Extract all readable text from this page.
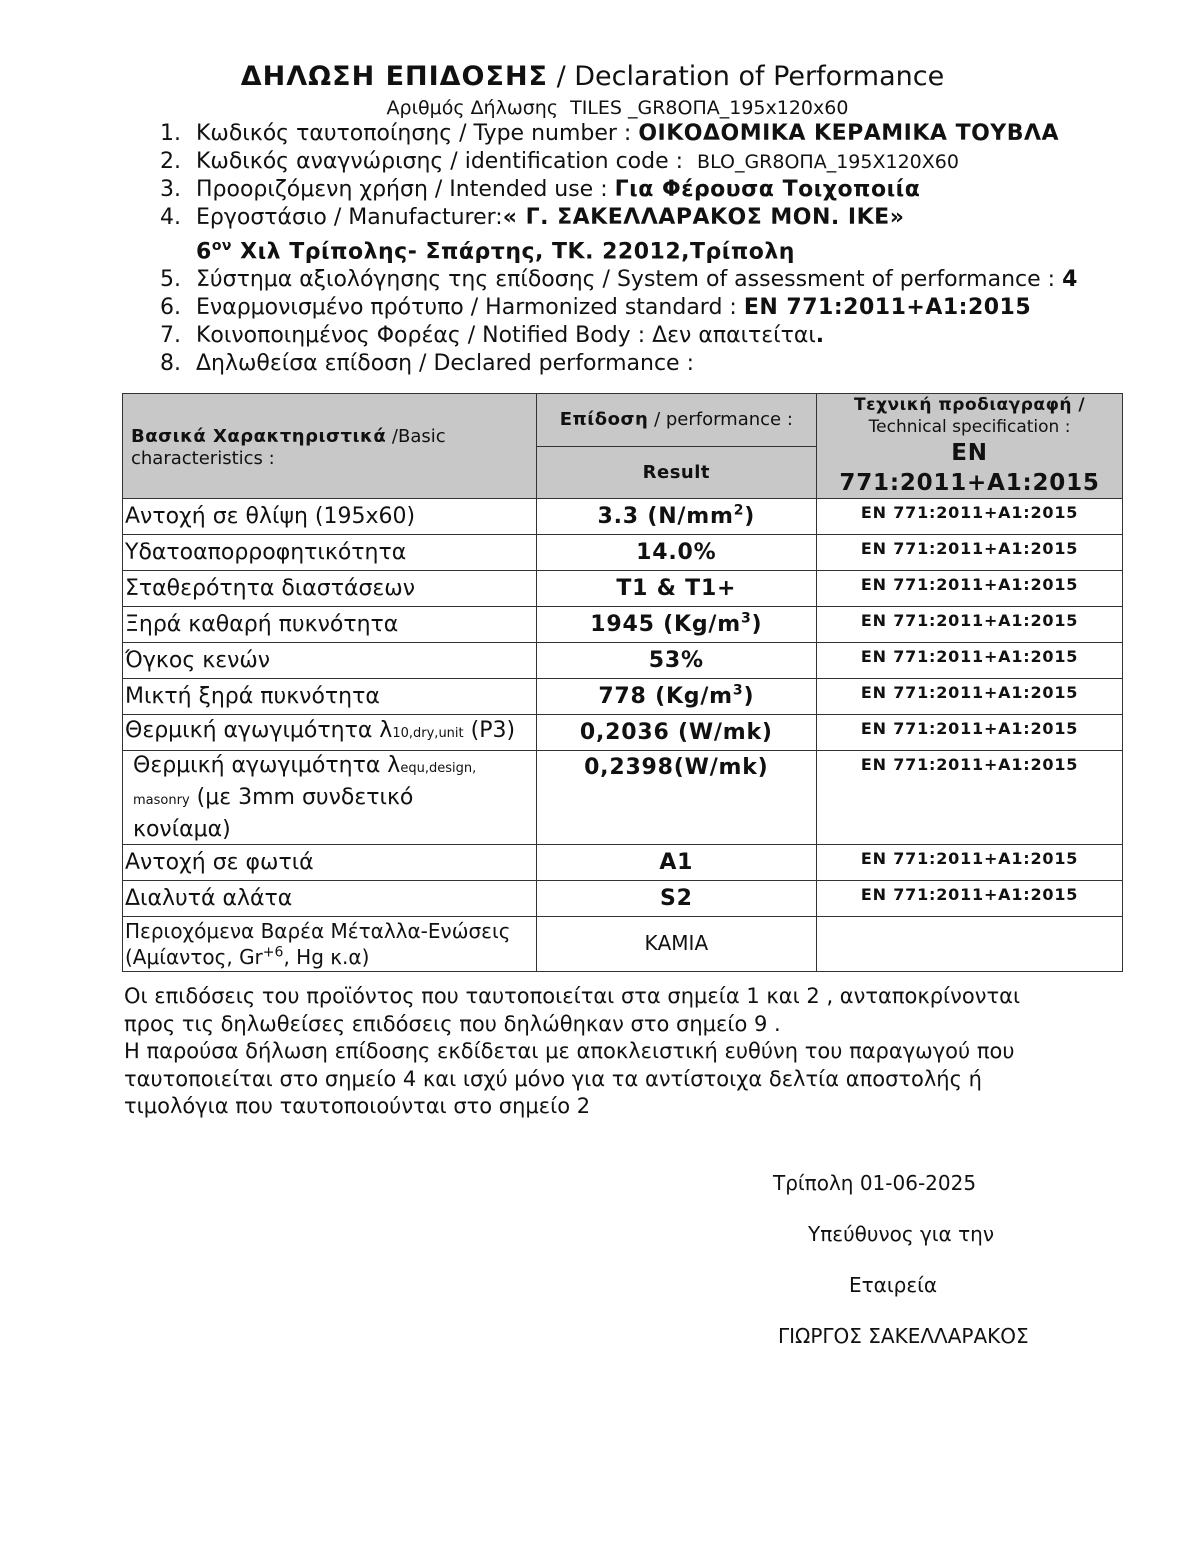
ΔΗΛΩΣΗ ΕΠΙΔΟΣΗΣ / Declaration of Performance
Αριθμός Δήλωσης TILES _GR8ΟΠΑ_195x120x60
1. Κωδικός ταυτοποίησης / Type number : ΟΙΚΟΔΟΜΙΚΑ ΚΕΡΑΜΙΚΑ ΤΟΥΒΛΑ
2. Κωδικός αναγνώρισης / identification code : BLO_GR8ΟΠΑ_195X120X60
3. Προοριζόμενη χρήση / Intended use : Για Φέρουσα Τοιχοποιία
4. Εργοστάσιο / Manufacturer:« Γ. ΣΑΚΕΛΛΑΡΑΚΟΣ ΜΟΝ. ΙΚΕ»
$6^{o\nu}$ Χιλ Τρίπολης- Σπάρτης, ΤΚ. 22012,Τρίπολη
5. Σύστημα αξιολόγησης της επίδοσης / System of assessment of performance : 4
6. Εναρμονισμένο πρότυπο / Harmonized standard : EN 771:2011+A1:2015
7. Κοινοποιημένος Φορέας / Notified Body : Δεν απαιτείται.
8. Δηλωθείσα επίδοση / Declared performance :
Βασικά Χαρακτηριστικά /Basic characteristics :	Επίδοση / performance :	Τεχνική προδιαγραφή /
Technical specification :
EN 771:2011+A1:2015

	Result	
Αντοχή σε θλίψη (195x60)	3.3 $(N/mm^2)$	EN 771:2011+A1:2015
Υδατοαπορροφητικότητα	14.0%	EN 771:2011+A1:2015
Σταθερότητα διαστάσεων	T1 & T1+	EN 771:2011+A1:2015
Ξηρά καθαρή πυκνότητα	1945 $(Kg/m^3)$	EN 771:2011+A1:2015
Όγκος κενών	53%	EN 771:2011+A1:2015
Μικτή ξηρά πυκνότητα	778 $(Kg/m^3)$	EN 771:2011+A1:2015
Θερμική αγωγιμότητα λ10,dry,unit (P3)	0,2036 (W/mk)	EN 771:2011+A1:2015

Θερμική αγωγιμότητα λequ,design,
masonry (με 3mm συνδετικό
κονίαμα)	0,2398(W/mk)	EN 771:2011+A1:2015
Αντοχή σε φωτιά	A1	EN 771:2011+A1:2015
Διαλυτά αλάτα	S2	EN 771:2011+A1:2015

Περιοχόμενα Βαρέα Μέταλλα-Ενώσεις
(Αμίαντος, $Gr^{+6}$, Hg κ.α)	ΚΑΜΙΑ	
Οι επιδόσεις του προϊόντος που ταυτοποιείται στα σημεία 1 και 2 , ανταποκρίνονται
προς τις δηλωθείσες επιδόσεις που δηλώθηκαν στο σημείο 9 .
Η παρούσα δήλωση επίδοσης εκδίδεται με αποκλειστική ευθύνη του παραγωγού που
ταυτοποιείται στο σημείο 4 και ισχύ μόνο για τα αντίστοιχα δελτία αποστολής ή
τιμολόγια που ταυτοποιούνται στο σημείο 2
Τρίπολη 01-06-2025
Υπεύθυνος για την
Εταιρεία
ΓΙΩΡΓΟΣ ΣΑΚΕΛΛΑΡΑΚΟΣ
